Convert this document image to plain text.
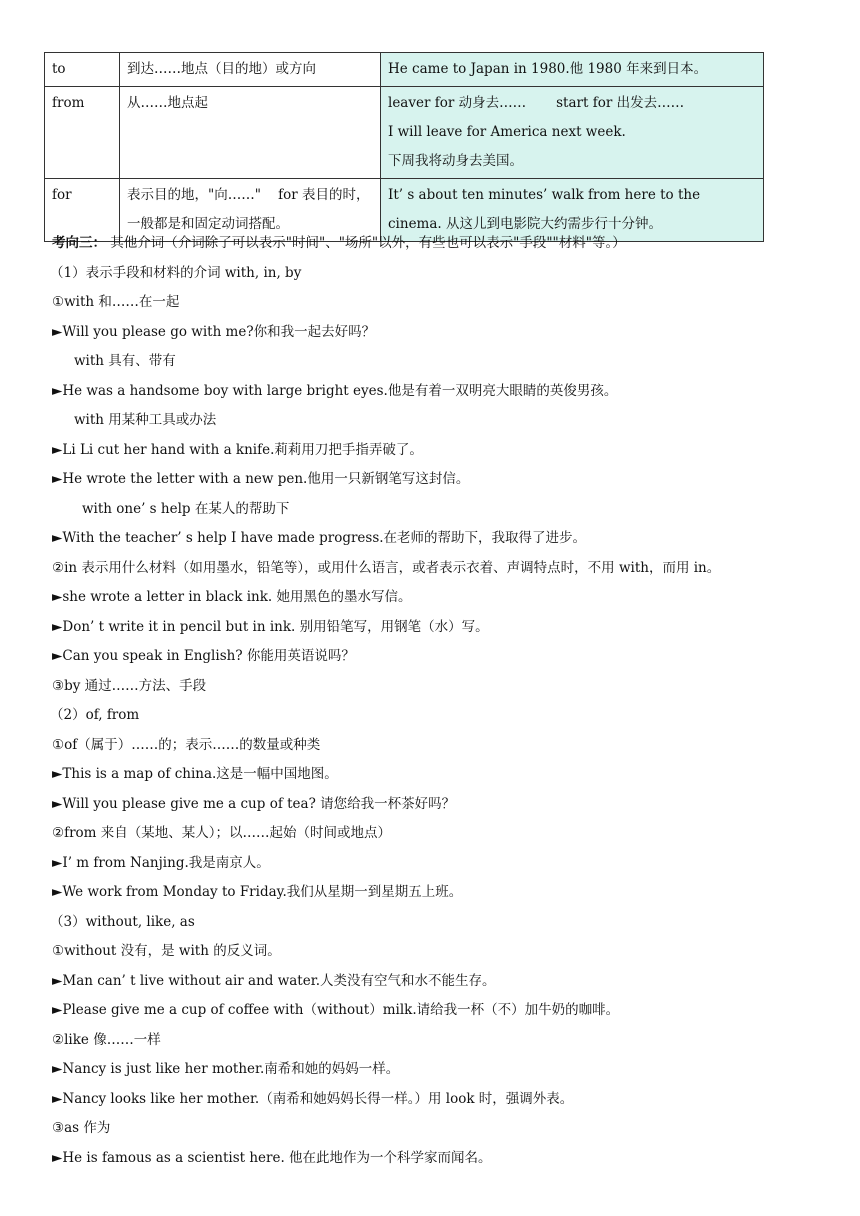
to	到达……地点（目的地）或方向	He came to Japan in 1980.他 1980 年来到日本。

from	从……地点起	leaver for 动身去……       start for 出发去……
I will leave for America next week.
下周我将动身去美国。

for	表示目的地，"向……"    for 表目的时，一般都是和固定动词搭配。	It’ s about ten minutes’ walk from here to the cinema. 从这儿到电影院大约需步行十分钟。
考向三： 其他介词（介词除了可以表示"时间"、"场所"以外，有些也可以表示"手段""材料"等。）
（1）表示手段和材料的介词 with, in, by
①with 和……在一起
►Will you please go with me?你和我一起去好吗？
with 具有、带有
►He was a handsome boy with large bright eyes.他是有着一双明亮大眼睛的英俊男孩。
with 用某种工具或办法
►Li Li cut her hand with a knife.莉莉用刀把手指弄破了。
►He wrote the letter with a new pen.他用一只新钢笔写这封信。
with one’ s help 在某人的帮助下
►With the teacher’ s help I have made progress.在老师的帮助下，我取得了进步。
②in 表示用什么材料（如用墨水，铅笔等），或用什么语言，或者表示衣着、声调特点时，不用 with，而用 in。
►she wrote a letter in black ink. 她用黑色的墨水写信。
►Don’ t write it in pencil but in ink. 别用铅笔写，用钢笔（水）写。
►Can you speak in English? 你能用英语说吗？
③by 通过……方法、手段
（2）of, from
①of（属于）……的；表示……的数量或种类
►This is a map of china.这是一幅中国地图。
►Will you please give me a cup of tea? 请您给我一杯茶好吗？
②from 来自（某地、某人）；以……起始（时间或地点）
►I’ m from Nanjing.我是南京人。
►We work from Monday to Friday.我们从星期一到星期五上班。
（3）without, like, as
①without 没有，是 with 的反义词。
►Man can’ t live without air and water.人类没有空气和水不能生存。
►Please give me a cup of coffee with（without）milk.请给我一杯（不）加牛奶的咖啡。
②like 像……一样
►Nancy is just like her mother.南希和她的妈妈一样。
►Nancy looks like her mother.（南希和她妈妈长得一样。）用 look 时，强调外表。
③as 作为
►He is famous as a scientist here. 他在此地作为一个科学家而闻名。
